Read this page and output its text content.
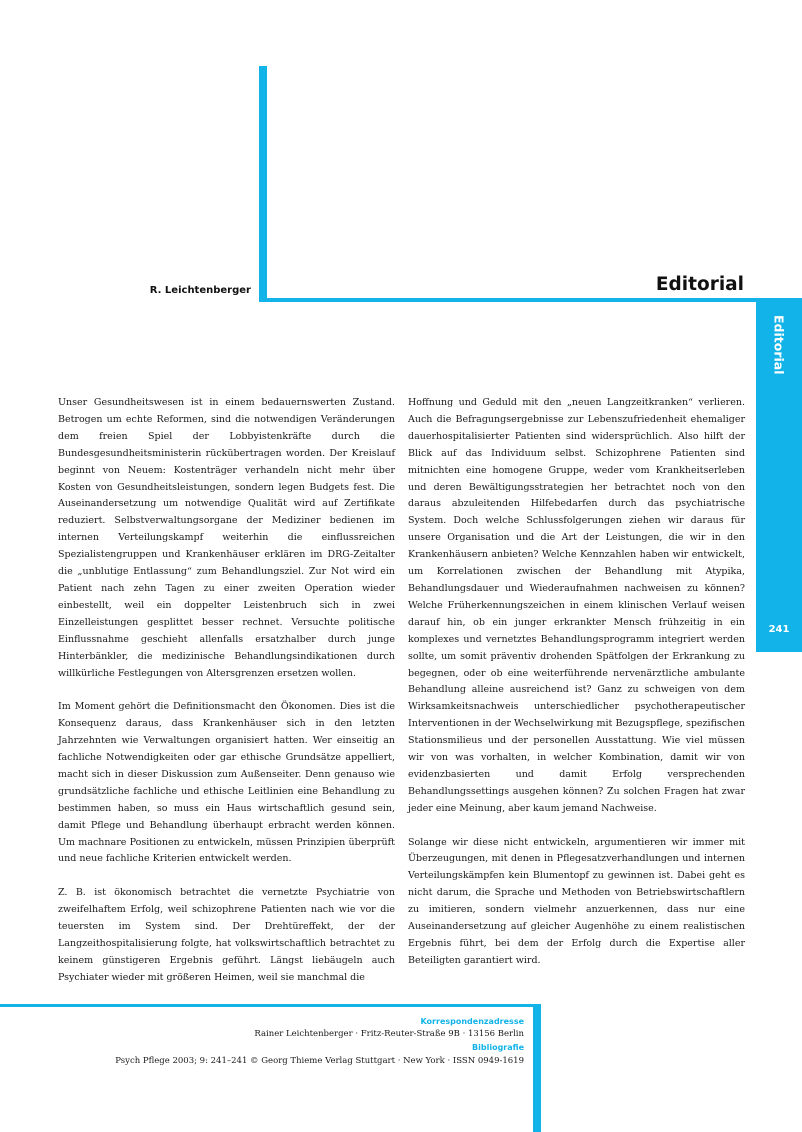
R. Leichtenberger	Editorial
Editorial
241

Unser Gesundheitswesen ist in einem bedauernswerten Zustand. Betrogen um echte Reformen, sind die notwendigen Veränderungen dem freien Spiel der Lobbyistenkräfte durch die Bundesgesundheitsministerin rückübertragen worden. Der Kreislauf beginnt von Neuem: Kostenträger verhandeln nicht mehr über Kosten von Gesundheitsleistungen, sondern legen Budgets fest. Die Auseinandersetzung um notwendige Qualität wird auf Zertifikate reduziert. Selbstverwaltungsorgane der Mediziner bedienen im internen Verteilungskampf weiterhin die einflussreichen Spezialistengruppen und Krankenhäuser erklären im DRG-Zeitalter die „unblutige Entlassung“ zum Behandlungsziel. Zur Not wird ein Patient nach zehn Tagen zu einer zweiten Operation wieder einbestellt, weil ein doppelter Leistenbruch sich in zwei Einzelleistungen gesplittet besser rechnet. Versuchte politische Einflussnahme geschieht allenfalls ersatzhalber durch junge Hinterbänkler, die medizinische Behandlungsindikationen durch willkürliche Festlegungen von Altersgrenzen ersetzen wollen.

Im Moment gehört die Definitionsmacht den Ökonomen. Dies ist die Konsequenz daraus, dass Krankenhäuser sich in den letzten Jahrzehnten wie Verwaltungen organisiert hatten. Wer einseitig an fachliche Notwendigkeiten oder gar ethische Grundsätze appelliert, macht sich in dieser Diskussion zum Außenseiter. Denn genauso wie grundsätzliche fachliche und ethische Leitlinien eine Behandlung zu bestimmen haben, so muss ein Haus wirtschaftlich gesund sein, damit Pflege und Behandlung überhaupt erbracht werden können. Um machnare Positionen zu entwickeln, müssen Prinzipien überprüft und neue fachliche Kriterien entwickelt werden.

Z. B. ist ökonomisch betrachtet die vernetzte Psychiatrie von zweifelhaftem Erfolg, weil schizophrene Patienten nach wie vor die teuersten im System sind. Der Drehtüreffekt, der der Langzeithospitalisierung folgte, hat volkswirtschaftlich betrachtet zu keinem günstigeren Ergebnis geführt. Längst liebäugeln auch Psychiater wieder mit größeren Heimen, weil sie manchmal die

Hoffnung und Geduld mit den „neuen Langzeitkranken“ verlieren. Auch die Befragungsergebnisse zur Lebenszufriedenheit ehemaliger dauerhospitalisierter Patienten sind widersprüchlich. Also hilft der Blick auf das Individuum selbst. Schizophrene Patienten sind mitnichten eine homogene Gruppe, weder vom Krankheitserleben und deren Bewältigungsstrategien her betrachtet noch von den daraus abzuleitenden Hilfebedarfen durch das psychiatrische System. Doch welche Schlussfolgerungen ziehen wir daraus für unsere Organisation und die Art der Leistungen, die wir in den Krankenhäusern anbieten? Welche Kennzahlen haben wir entwickelt, um Korrelationen zwischen der Behandlung mit Atypika, Behandlungsdauer und Wiederaufnahmen nachweisen zu können? Welche Früherkennungszeichen in einem klinischen Verlauf weisen darauf hin, ob ein junger erkrankter Mensch frühzeitig in ein komplexes und vernetztes Behandlungsprogramm integriert werden sollte, um somit präventiv drohenden Spätfolgen der Erkrankung zu begegnen, oder ob eine weiterführende nervenärztliche ambulante Behandlung alleine ausreichend ist? Ganz zu schweigen von dem Wirksamkeitsnachweis unterschiedlicher psychotherapeutischer Interventionen in der Wechselwirkung mit Bezugspflege, spezifischen Stationsmilieus und der personellen Ausstattung. Wie viel müssen wir von was vorhalten, in welcher Kombination, damit wir von evidenzbasierten und damit Erfolg versprechenden Behandlungssettings ausgehen können? Zu solchen Fragen hat zwar jeder eine Meinung, aber kaum jemand Nachweise.

Solange wir diese nicht entwickeln, argumentieren wir immer mit Überzeugungen, mit denen in Pflegesatzverhandlungen und internen Verteilungskämpfen kein Blumentopf zu gewinnen ist. Dabei geht es nicht darum, die Sprache und Methoden von Betriebswirtschaftlern zu imitieren, sondern vielmehr anzuerkennen, dass nur eine Auseinandersetzung auf gleicher Augenhöhe zu einem realistischen Ergebnis führt, bei dem der Erfolg durch die Expertise aller Beteiligten garantiert wird.

Korrespondenzadresse
Rainer Leichtenberger · Fritz-Reuter-Straße 9B · 13156 Berlin
Bibliografie
Psych Pflege 2003; 9: 241–241 © Georg Thieme Verlag Stuttgart · New York · ISSN 0949-1619
